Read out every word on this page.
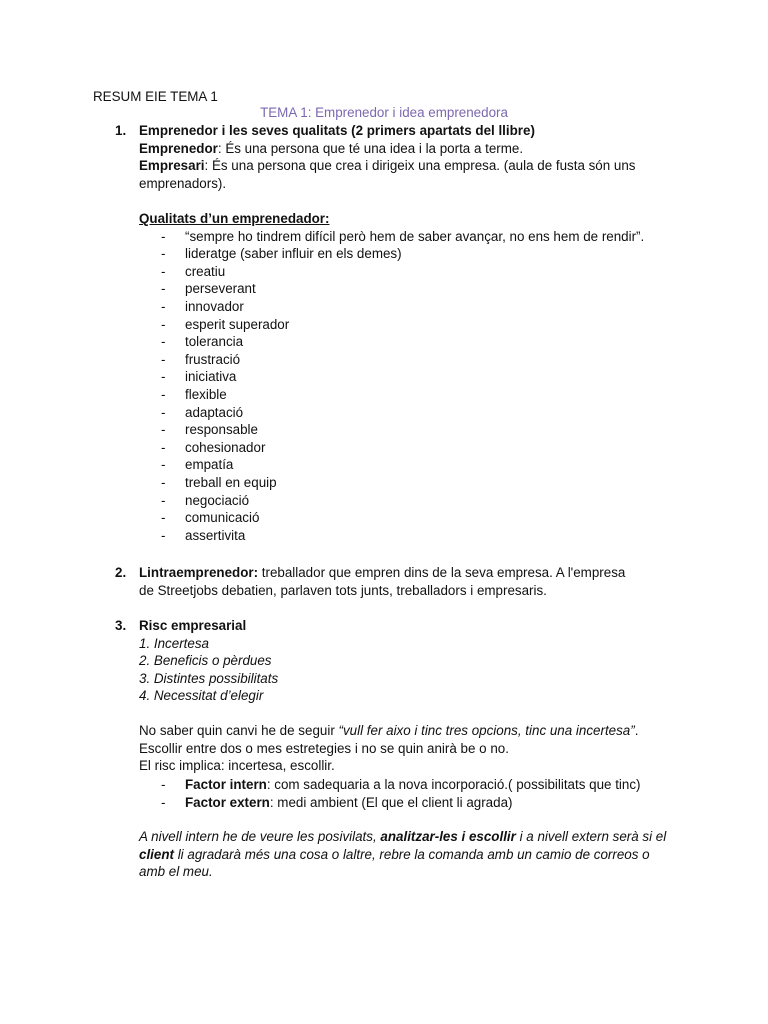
RESUM EIE TEMA 1
TEMA 1: Emprenedor i idea emprenedora
1. Emprenedor i les seves qualitats (2 primers apartats del llibre)
Emprenedor: És una persona que té una idea i la porta a terme.
Empresari: És una persona que crea i dirigeix una empresa. (aula de fusta són uns
emprenadors).
Qualitats d’un emprenedador:
- “sempre ho tindrem difícil però hem de saber avançar, no ens hem de rendir”.
- lideratge (saber influir en els demes)
- creatiu
- perseverant
- innovador
- esperit superador
- tolerancia
- frustració
- iniciativa
- flexible
- adaptació
- responsable
- cohesionador
- empatía
- treball en equip
- negociació
- comunicació
- assertivita
2. Lintraemprenedor: treballador que empren dins de la seva empresa. A l'empresa
de Streetjobs debatien, parlaven tots junts, treballadors i empresaris.
3. Risc empresarial
1. Incertesa
2. Beneficis o pèrdues
3. Distintes possibilitats
4. Necessitat d’elegir
No saber quin canvi he de seguir “vull fer aixo i tinc tres opcions, tinc una incertesa”.
Escollir entre dos o mes estretegies i no se quin anirà be o no.
El risc implica: incertesa, escollir.
- Factor intern: com sadequaria a la nova incorporació.( possibilitats que tinc)
- Factor extern: medi ambient (El que el client li agrada)
A nivell intern he de veure les posivilats, analitzar-les i escollir i a nivell extern serà si el client li agradarà més una cosa o laltre, rebre la comanda amb un camio de correos o amb el meu.
